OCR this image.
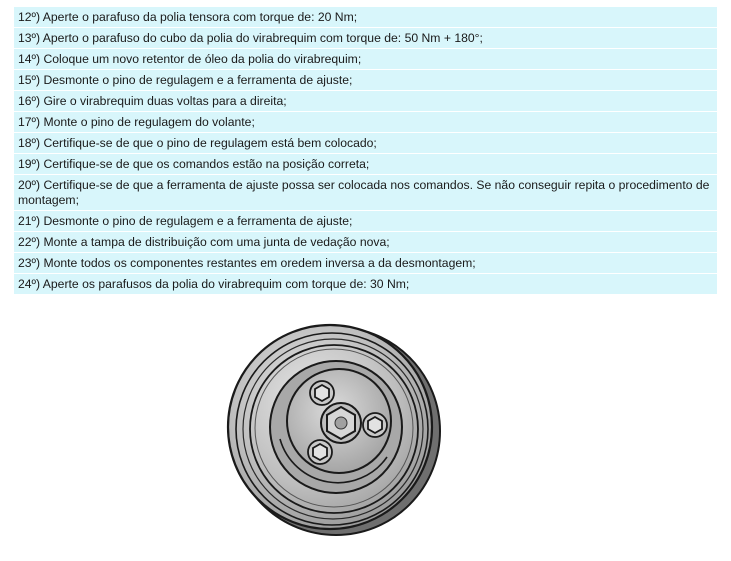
12º) Aperte o parafuso da polia tensora com torque de: 20 Nm;
13º) Aperto o parafuso do cubo da polia do virabrequim com torque de: 50 Nm + 180°;
14º) Coloque um novo retentor de óleo da polia do virabrequim;
15º) Desmonte o pino de regulagem e a ferramenta de ajuste;
16º) Gire o virabrequim duas voltas para a direita;
17º) Monte o pino de regulagem do volante;
18º) Certifique-se de que o pino de regulagem está bem colocado;
19º) Certifique-se de que os comandos estão na posição correta;
20º) Certifique-se de que a ferramenta de ajuste possa ser colocada nos comandos. Se não conseguir repita o procedimento de montagem;
21º) Desmonte o pino de regulagem e a ferramenta de ajuste;
22º) Monte a tampa de distribuição com uma junta de vedação nova;
23º) Monte todos os componentes restantes em oredem inversa a da desmontagem;
24º) Aperte os parafusos da polia do virabrequim com torque de: 30 Nm;
